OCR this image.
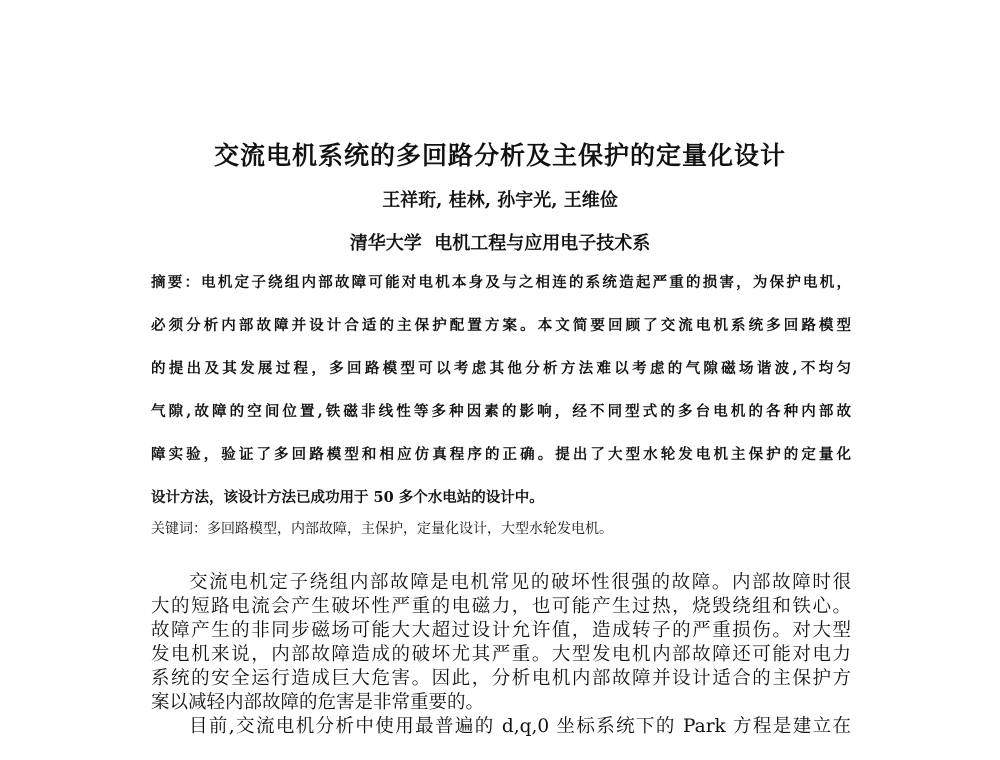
交流电机系统的多回路分析及主保护的定量化设计
王祥珩, 桂林, 孙宇光, 王维俭
清华大学  电机工程与应用电子技术系
摘要：电机定子绕组内部故障可能对电机本身及与之相连的系统造起严重的损害，为保护电机，
必须分析内部故障并设计合适的主保护配置方案。本文简要回顾了交流电机系统多回路模型
的提出及其发展过程，多回路模型可以考虑其他分析方法难以考虑的气隙磁场谐波,不均匀
气隙,故障的空间位置,铁磁非线性等多种因素的影响，经不同型式的多台电机的各种内部故
障实验，验证了多回路模型和相应仿真程序的正确。提出了大型水轮发电机主保护的定量化
设计方法，该设计方法已成功用于 50 多个水电站的设计中。
关键词：多回路模型，内部故障，主保护，定量化设计，大型水轮发电机。
交流电机定子绕组内部故障是电机常见的破坏性很强的故障。内部故障时很
大的短路电流会产生破坏性严重的电磁力，也可能产生过热，烧毁绕组和铁心。
故障产生的非同步磁场可能大大超过设计允许值，造成转子的严重损伤。对大型
发电机来说，内部故障造成的破坏尤其严重。大型发电机内部故障还可能对电力
系统的安全运行造成巨大危害。因此，分析电机内部故障并设计适合的主保护方
案以减轻内部故障的危害是非常重要的。
目前,交流电机分析中使用最普遍的 d,q,0 坐标系统下的 Park 方程是建立在
